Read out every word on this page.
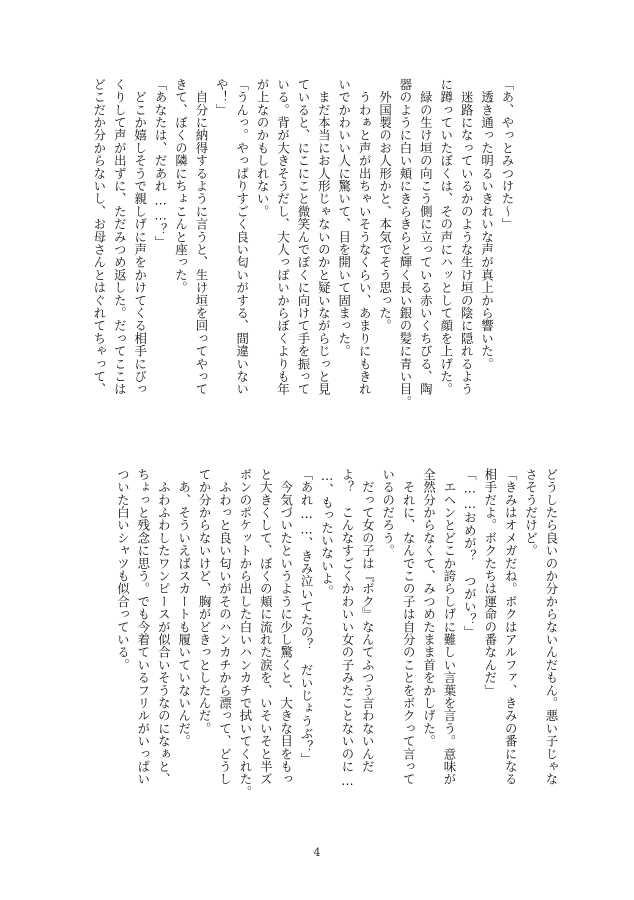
「あ、やっとみつけた～」

　透き通った明るいきれいな声が真上から響いた。

　迷路になっているかのような生け垣の陰に隠れるよう

に蹲っていたぼくは、その声にハッとして顔を上げた。

　緑の生け垣の向こう側に立っている赤いくちびる、陶

器のように白い頬にきらきらと輝く長い銀の髪に青い目。

　外国製のお人形かと、本気でそう思った。

　うわぁと声が出ちゃいそうなくらい、あまりにもきれ

いでかわいい人に驚いて、目を開いて固まった。

　まだ本当にお人形じゃないのかと疑いながらじっと見

ていると、にこにこと微笑んでぼくに向けて手を振って

いる。背が大きそうだし、大人っぽいからぼくよりも年

が上なのかもしれない。

「うんっ。やっぱりすごく良い匂いがする、間違いない

や！」

　自分に納得するように言うと、生け垣を回ってやって

きて、ぼくの隣にちょこんと座った。

「あなたは、だあれ……？」

　どこか嬉しそうで親しげに声をかけてくる相手にびっ

くりして声が出ずに、ただみつめ返した。だってここは

どこだか分からないし、お母さんとはぐれてちゃって、

どうしたら良いのか分からないんだもん。悪い子じゃな

さそうだけど。

「きみはオメガだね。ボクはアルファ、きみの番になる

相手だよ。ボクたちは運命の番なんだ」

「……おめが？　つがい？」

　エヘンとどこか誇らしげに難しい言葉を言う。意味が

全然分からなくて、みつめたまま首をかしげた。

　それに、なんでこの子は自分のことをボクって言って

いるのだろう。

　だって女の子は『ボク』なんてふつう言わないんだ

よ？　こんなすごくかわいい女の子みたことないのに…

…、もったいないよ。

「あれ……、きみ泣いてたの？　だいじょうぶ？」

　今気づいたというように少し驚くと、大きな目をもっ

と大きくして、ぼくの頬に流れた涙を、いそいそと半ズ

ボンのポケットから出した白いハンカチで拭いてくれた。

　ふわっと良い匂いがそのハンカチから漂って、どうし

てか分からないけど、胸がどきっとしたんだ。

　あ、そういえばスカートも履いていないんだ。

　ふわふわしたワンピースが似合いそうなのになぁと、

ちょっと残念に思う。でも今着ているフリルがいっぱい

ついた白いシャツも似合っている。

4
